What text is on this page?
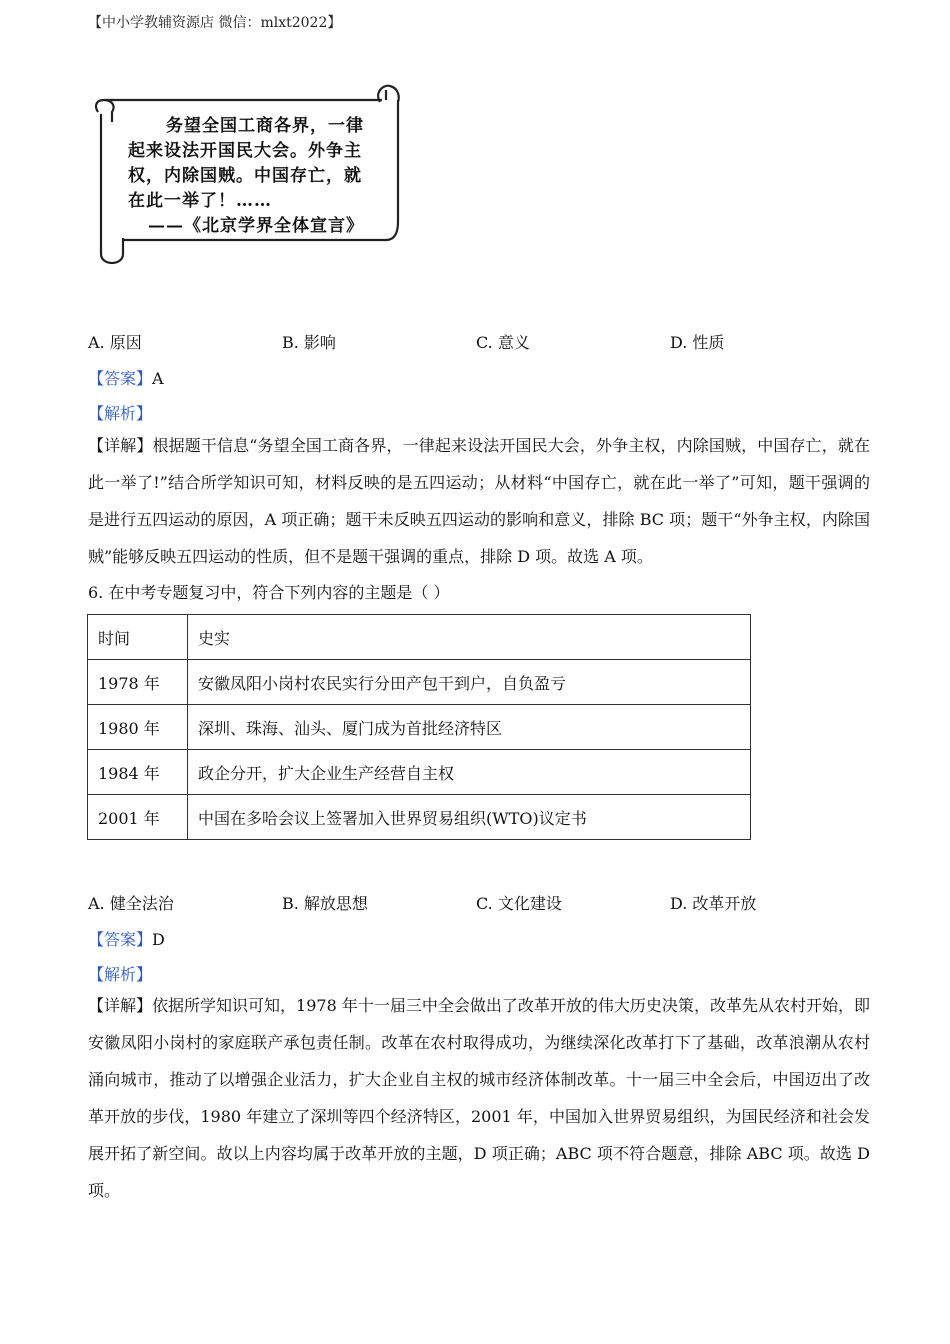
【中小学教辅资源店 微信：mlxt2022】
务望全国工商各界，一律
起来设法开国民大会。外争主
权，内除国贼。中国存亡，就
在此一举了！……
——《北京学界全体宣言》
A. 原因	B. 影响	C. 意义	D. 性质
【答案】A
【解析】
【详解】根据题干信息“务望全国工商各界，一律起来设法开国民大会，外争主权，内除国贼，中国存亡，就在此一举了!”结合所学知识可知，材料反映的是五四运动；从材料“中国存亡，就在此一举了”可知，题干强调的是进行五四运动的原因，A 项正确；题干未反映五四运动的影响和意义，排除 BC 项；题干“外争主权，内除国贼”能够反映五四运动的性质，但不是题干强调的重点，排除 D 项。故选 A 项。
6. 在中考专题复习中，符合下列内容的主题是（ ）
时间	史实
1978 年	安徽凤阳小岗村农民实行分田产包干到户，自负盈亏
1980 年	深圳、珠海、汕头、厦门成为首批经济特区
1984 年	政企分开，扩大企业生产经营自主权
2001 年	中国在多哈会议上签署加入世界贸易组织(WTO)议定书
A. 健全法治	B. 解放思想	C. 文化建设	D. 改革开放
【答案】D
【解析】
【详解】依据所学知识可知，1978 年十一届三中全会做出了改革开放的伟大历史决策，改革先从农村开始，即安徽凤阳小岗村的家庭联产承包责任制。改革在农村取得成功，为继续深化改革打下了基础，改革浪潮从农村涌向城市，推动了以增强企业活力，扩大企业自主权的城市经济体制改革。十一届三中全会后，中国迈出了改革开放的步伐，1980 年建立了深圳等四个经济特区，2001 年，中国加入世界贸易组织，为国民经济和社会发展开拓了新空间。故以上内容均属于改革开放的主题，D 项正确；ABC 项不符合题意，排除 ABC 项。故选 D 项。
